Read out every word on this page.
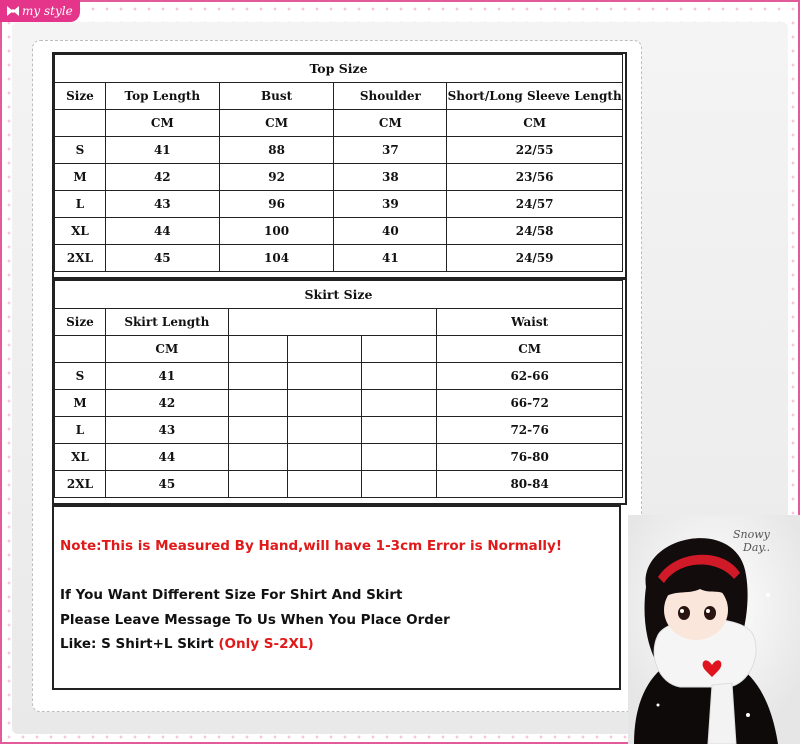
my style
Top Size				
Size	Top Length	Bust	Shoulder	Short/Long Sleeve Length
	CM	CM	CM	CM
S	41	88	37	22/55
M	42	92	38	23/56
L	43	96	39	24/57
XL	44	100	40	24/58
2XL	45	104	41	24/59
Skirt Size					
Size	Skirt Length				Waist
	CM				CM
S	41				62-66
M	42				66-72
L	43				72-76
XL	44				76-80
2XL	45				80-84
Note:This is Measured By Hand,will have 1-3cm Error is Normally!
If You Want Different Size For Shirt And Skirt
Please Leave Message To Us When You Place Order
Like: S Shirt+L Skirt (Only S-2XL)
Snowy
Day..
